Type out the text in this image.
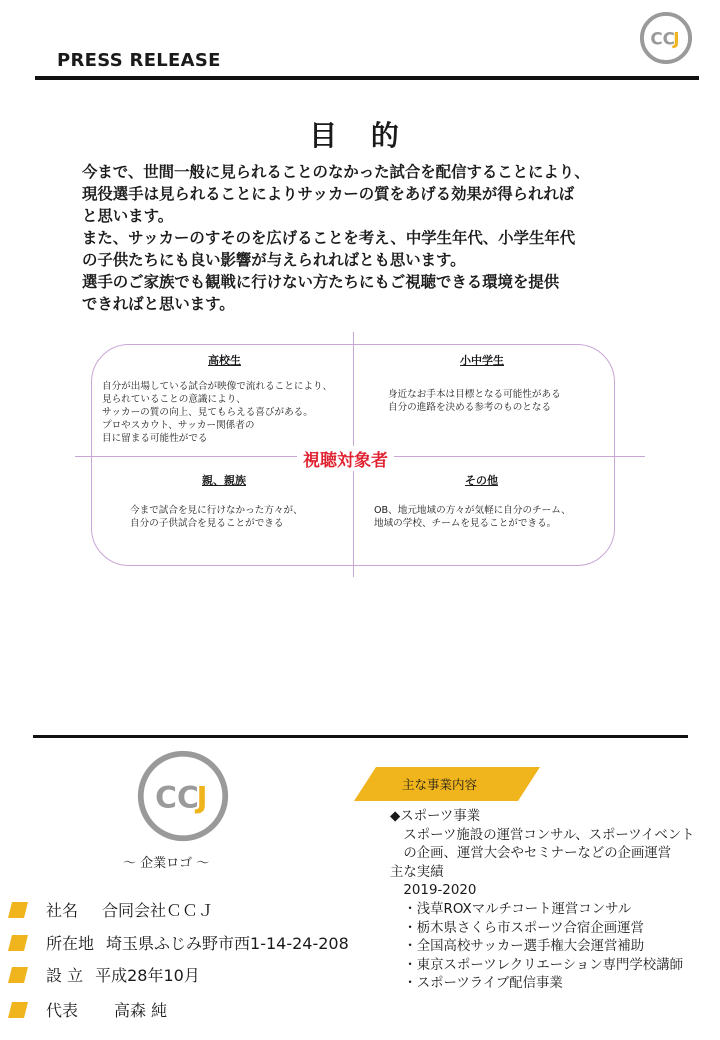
PRESS RELEASE
CC
J
目 的
今まで、世間一般に見られることのなかった試合を配信することにより、
現役選手は見られることによりサッカーの質をあげる効果が得られれば
と思います。
また、サッカーのすそのを広げることを考え、中学生年代、小学生年代
の子供たちにも良い影響が与えられればとも思います。
選手のご家族でも観戦に行けない方たちにもご視聴できる環境を提供
できればと思います。
高校生
自分が出場している試合が映像で流れることにより、
見られていることの意識により、
サッカーの質の向上、見てもらえる喜びがある。
プロやスカウト、サッカー関係者の
目に留まる可能性がでる
小中学生
身近なお手本は目標となる可能性がある
自分の進路を決める参考のものとなる
視聴対象者
親、親族
今まで試合を見に行けなかった方々が、
自分の子供試合を見ることができる
その他
OB、地元地域の方々が気軽に自分のチーム、
地域の学校、チームを見ることができる。
CC
J
～ 企業ロゴ ～
主な事業内容
◆スポーツ事業
　スポーツ施設の運営コンサル、スポーツイベント
　の企画、運営大会やセミナーなどの企画運営
主な実績
　2019-2020
　・浅草ROXマルチコート運営コンサル
　・栃木県さくら市スポーツ合宿企画運営
　・全国高校サッカー選手権大会運営補助
　・東京スポーツレクリエーション専門学校講師
　・スポーツライブ配信事業
社名 合同会社ＣＣＪ
所在地 埼玉県ふじみ野市西1-14-24-208
設 立 平成28年10月
代表 高森 純
